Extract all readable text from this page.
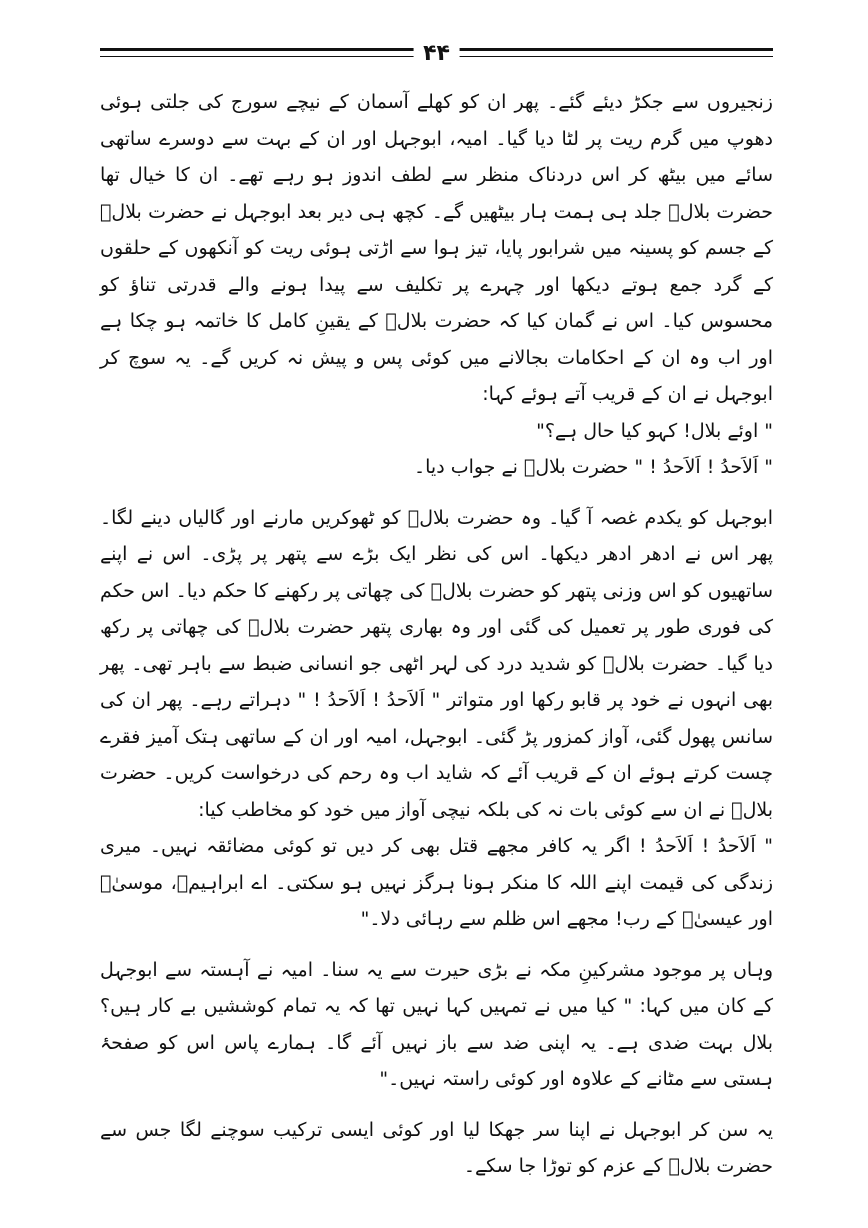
۴۴

زنجیروں سے جکڑ دیئے گئے۔ پھر ان کو کھلے آسمان کے نیچے سورج کی جلتی ہوئی دھوپ میں گرم ریت پر لٹا دیا گیا۔ امیہ، ابوجہل اور ان کے بہت سے دوسرے ساتھی سائے میں بیٹھ کر اس دردناک منظر سے لطف اندوز ہو رہے تھے۔ ان کا خیال تھا حضرت بلالؓ جلد ہی ہمت ہار بیٹھیں گے۔ کچھ ہی دیر بعد ابوجہل نے حضرت بلالؓ کے جسم کو پسینہ میں شرابور پایا، تیز ہوا سے اڑتی ہوئی ریت کو آنکھوں کے حلقوں کے گرد جمع ہوتے دیکھا اور چہرے پر تکلیف سے پیدا ہونے والے قدرتی تناؤ کو محسوس کیا۔ اس نے گمان کیا کہ حضرت بلالؓ کے یقینِ کامل کا خاتمہ ہو چکا ہے اور اب وہ ان کے احکامات بجالانے میں کوئی پس و پیش نہ کریں گے۔ یہ سوچ کر ابوجہل نے ان کے قریب آتے ہوئے کہا:

" اوئے بلال! کہو کیا حال ہے؟"

" اَلاَحدُ ! اَلاَحدُ ! " حضرت بلالؓ نے جواب دیا۔

ابوجہل کو یکدم غصہ آ گیا۔ وہ حضرت بلالؓ کو ٹھوکریں مارنے اور گالیاں دینے لگا۔ پھر اس نے ادھر ادھر دیکھا۔ اس کی نظر ایک بڑے سے پتھر پر پڑی۔ اس نے اپنے ساتھیوں کو اس وزنی پتھر کو حضرت بلالؓ کی چھاتی پر رکھنے کا حکم دیا۔ اس حکم کی فوری طور پر تعمیل کی گئی اور وہ بھاری پتھر حضرت بلالؓ کی چھاتی پر رکھ دیا گیا۔ حضرت بلالؓ کو شدید درد کی لہر اٹھی جو انسانی ضبط سے باہر تھی۔ پھر بھی انہوں نے خود پر قابو رکھا اور متواتر " اَلاَحدُ ! اَلاَحدُ ! " دہراتے رہے۔ پھر ان کی سانس پھول گئی، آواز کمزور پڑ گئی۔ ابوجہل، امیہ اور ان کے ساتھی ہتک آمیز فقرے چست کرتے ہوئے ان کے قریب آئے کہ شاید اب وہ رحم کی درخواست کریں۔ حضرت بلالؓ نے ان سے کوئی بات نہ کی بلکہ نیچی آواز میں خود کو مخاطب کیا:

" اَلاَحدُ ! اَلاَحدُ ! اگر یہ کافر مجھے قتل بھی کر دیں تو کوئی مضائقہ نہیں۔ میری زندگی کی قیمت اپنے اللہ کا منکر ہونا ہرگز نہیں ہو سکتی۔ اے ابراہیمؑ، موسیٰؑ اور عیسیٰؑ کے رب! مجھے اس ظلم سے رہائی دلا۔"

وہاں پر موجود مشرکینِ مکہ نے بڑی حیرت سے یہ سنا۔ امیہ نے آہستہ سے ابوجہل کے کان میں کہا: " کیا میں نے تمہیں کہا نہیں تھا کہ یہ تمام کوششیں بے کار ہیں؟ بلال بہت ضدی ہے۔ یہ اپنی ضد سے باز نہیں آئے گا۔ ہمارے پاس اس کو صفحۂ ہستی سے مٹانے کے علاوہ اور کوئی راستہ نہیں۔"

یہ سن کر ابوجہل نے اپنا سر جھکا لیا اور کوئی ایسی ترکیب سوچنے لگا جس سے حضرت بلالؓ کے عزم کو توڑا جا سکے۔
